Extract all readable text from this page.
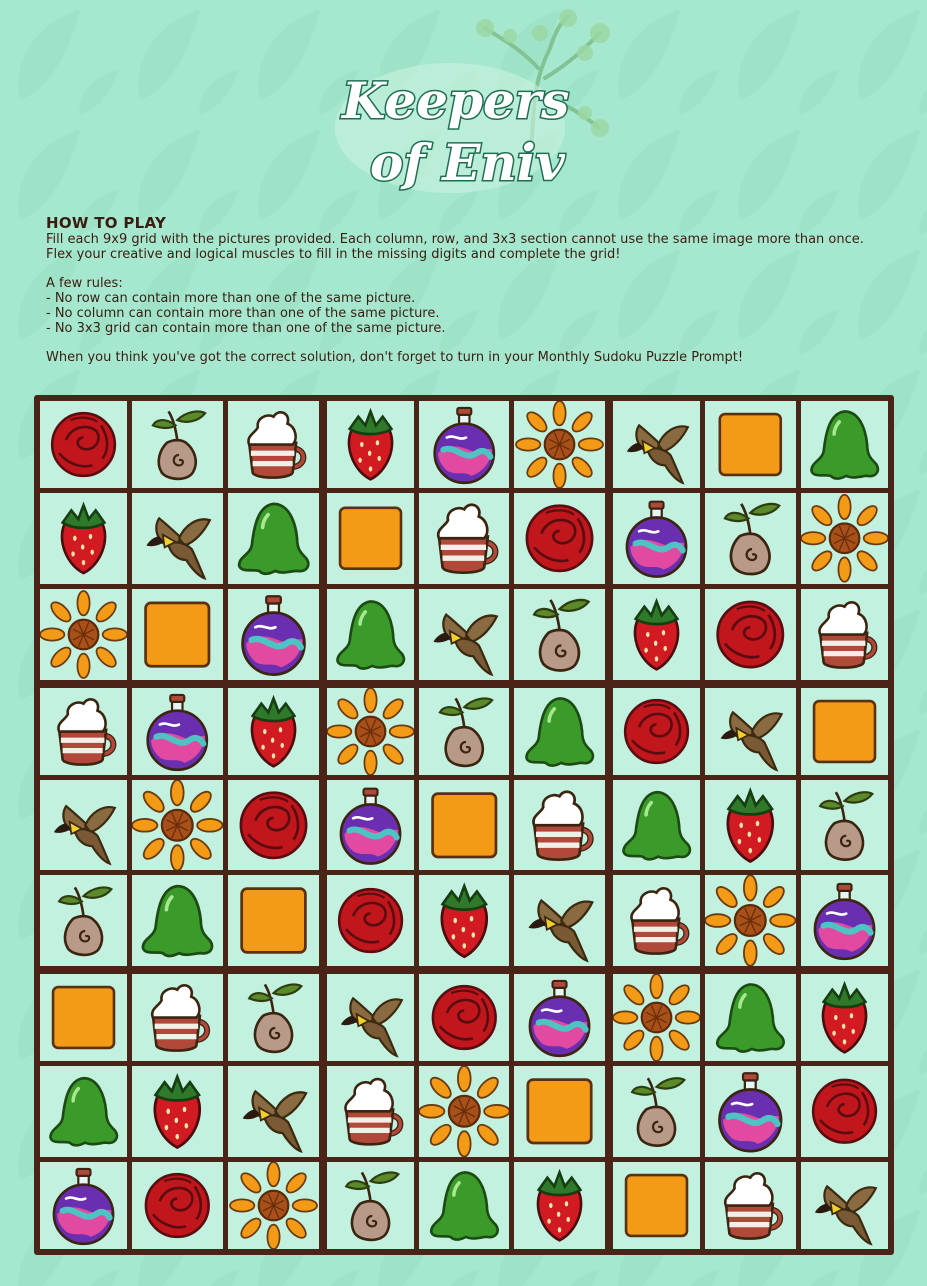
Keepers
of Eniv
HOW TO PLAY
Fill each 9x9 grid with the pictures provided. Each column, row, and 3x3 section cannot use the same image more than once.
Flex your creative and logical muscles to fill in the missing digits and complete the grid!
A few rules:
- No row can contain more than one of the same picture.
- No column can contain more than one of the same picture.
- No 3x3 grid can contain more than one of the same picture.
When you think you've got the correct solution, don't forget to turn in your Monthly Sudoku Puzzle Prompt!
